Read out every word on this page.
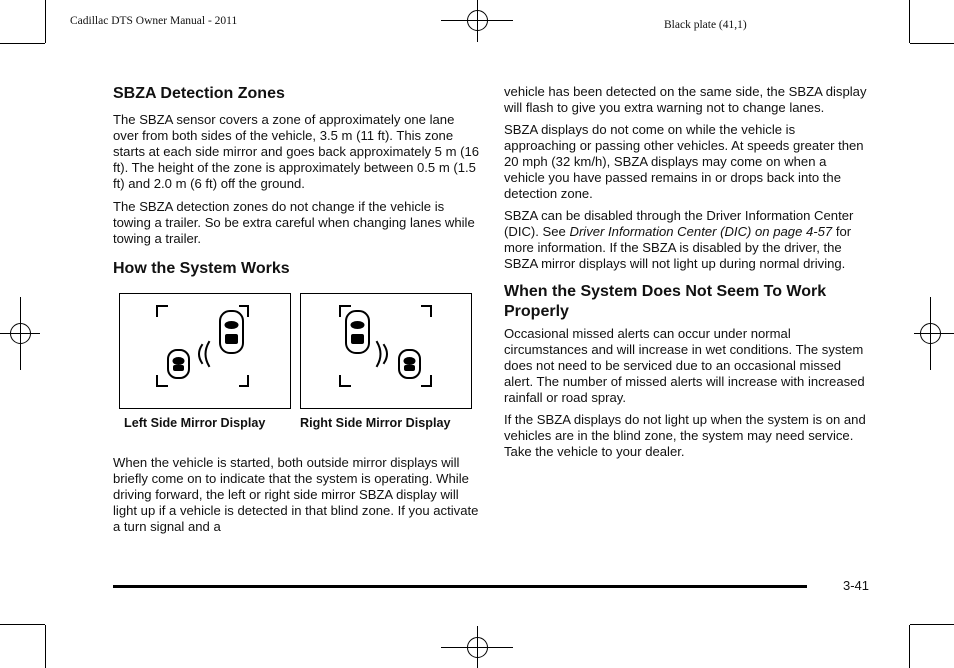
Cadillac DTS Owner Manual - 2011	Black plate (41,1)
SBZA Detection Zones

The SBZA sensor covers a zone of approximately one lane over from both sides of the vehicle, 3.5 m (11 ft). This zone starts at each side mirror and goes back approximately 5 m (16 ft). The height of the zone is approximately between 0.5 m (1.5 ft) and 2.0 m (6 ft) off the ground.

The SBZA detection zones do not change if the vehicle is towing a trailer. So be extra careful when changing lanes while towing a trailer.

How the System Works
Left Side Mirror Display	Right Side Mirror Display

When the vehicle is started, both outside mirror displays will briefly come on to indicate that the system is operating. While driving forward, the left or right side mirror SBZA display will light up if a vehicle is detected in that blind zone. If you activate a turn signal and a

vehicle has been detected on the same side, the SBZA display will flash to give you extra warning not to change lanes.

SBZA displays do not come on while the vehicle is approaching or passing other vehicles. At speeds greater then 20 mph (32 km/h), SBZA displays may come on when a vehicle you have passed remains in or drops back into the detection zone.

SBZA can be disabled through the Driver Information Center (DIC). See Driver Information Center (DIC) on page 4-57 for more information. If the SBZA is disabled by the driver, the SBZA mirror displays will not light up during normal driving.

When the System Does Not Seem To Work Properly

Occasional missed alerts can occur under normal circumstances and will increase in wet conditions. The system does not need to be serviced due to an occasional missed alert. The number of missed alerts will increase with increased rainfall or road spray.

If the SBZA displays do not light up when the system is on and vehicles are in the blind zone, the system may need service. Take the vehicle to your dealer.

3-41
